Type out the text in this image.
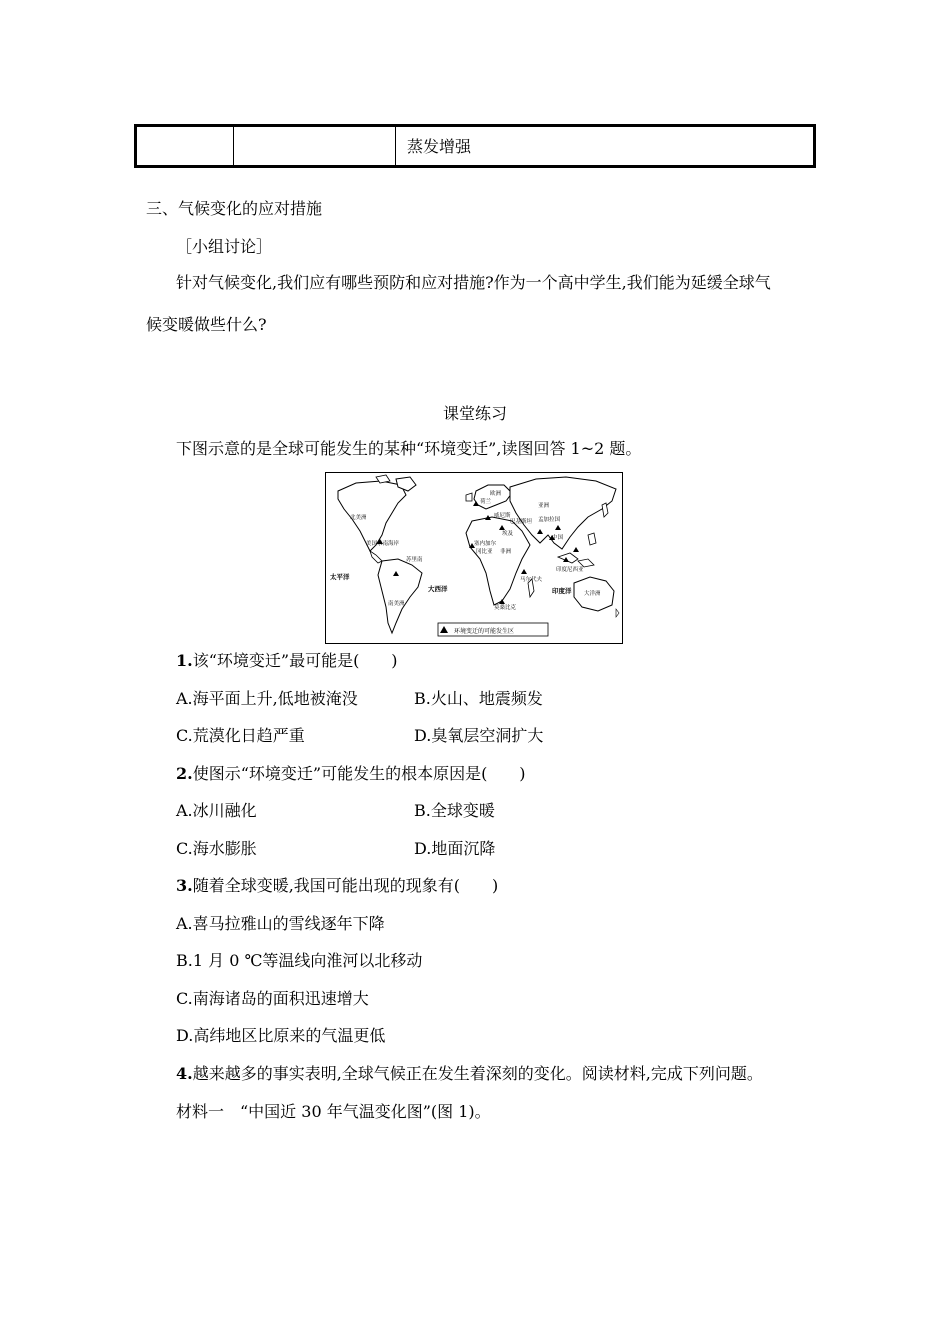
蒸发增强
三、气候变化的应对措施
［小组讨论］
针对气候变化,我们应有哪些预防和应对措施?作为一个高中学生,我们能为延缓全球气
候变暖做些什么?
课堂练习
下图示意的是全球可能发生的某种“环境变迁”,读图回答 1~2 题。
北美洲
美国东南海岸
太平洋
苏里南
南美洲
大西洋
荷兰
欧洲
威尼斯
埃及
塞内加尔
冈比亚 非洲
莫桑比克
马尔代夫
亚洲
巴基斯坦 孟加拉国
中国
印度尼西亚
印度洋 大洋洲
环境变迁的可能发生区
1.该“环境变迁”最可能是(　　)
A.海平面上升,低地被淹没	B.火山、地震频发
C.荒漠化日趋严重	D.臭氧层空洞扩大
2.使图示“环境变迁”可能发生的根本原因是(　　)
A.冰川融化	B.全球变暖
C.海水膨胀	D.地面沉降
3.随着全球变暖,我国可能出现的现象有(　　)
A.喜马拉雅山的雪线逐年下降
B.1 月 0 ℃等温线向淮河以北移动
C.南海诸岛的面积迅速增大
D.高纬地区比原来的气温更低
4.越来越多的事实表明,全球气候正在发生着深刻的变化。阅读材料,完成下列问题。
材料一　“中国近 30 年气温变化图”(图 1)。
